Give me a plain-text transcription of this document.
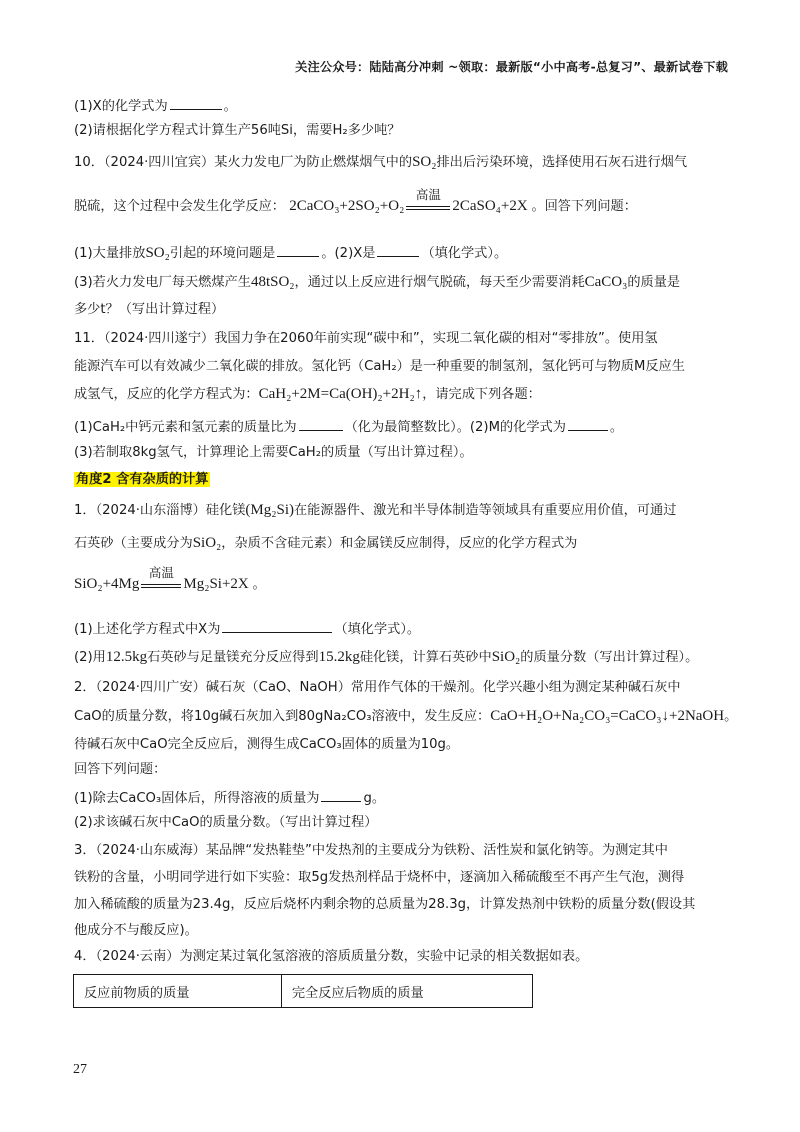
关注公众号：陆陆高分冲刺 ~领取：最新版“小中高考-总复习”、最新试卷下载
(1)X的化学式为	。
(2)请根据化学方程式计算生产56吨Si，需要H₂多少吨？
10．（2024·四川宜宾）某火力发电厂为防止燃煤烟气中的SO₂排出后污染环境，选择使用石灰石进行烟气
脱硫，这个过程中会发生化学反应： 2CaCO₃+2SO₂+O₂
高温
2CaSO₄+2X 。回答下列问题：
(1)大量排放SO₂引起的环境问题是	。(2)X是	（填化学式）。
(3)若火力发电厂每天燃煤产生48tSO₂，通过以上反应进行烟气脱硫，每天至少需要消耗CaCO₃的质量是
多少t？（写出计算过程）
11．（2024·四川遂宁）我国力争在2060年前实现“碳中和”，实现二氧化碳的相对“零排放”。使用氢
能源汽车可以有效减少二氧化碳的排放。氢化钙（CaH₂）是一种重要的制氢剂，氢化钙可与物质M反应生
成氢气，反应的化学方程式为：CaH₂+2M=Ca(OH)₂+2H₂↑，请完成下列各题：
(1)CaH₂中钙元素和氢元素的质量比为	（化为最简整数比）。(2)M的化学式为	。
(3)若制取8kg氢气，计算理论上需要CaH₂的质量（写出计算过程）。
角度2 含有杂质的计算
1．（2024·山东淄博）硅化镁(Mg₂Si)在能源器件、激光和半导体制造等领域具有重要应用价值，可通过
石英砂（主要成分为SiO₂，杂质不含硅元素）和金属镁反应制得，反应的化学方程式为
SiO₂+4Mg
高温
Mg₂Si+2X 。
(1)上述化学方程式中X为	（填化学式）。
(2)用12.5kg石英砂与足量镁充分反应得到15.2kg硅化镁，计算石英砂中SiO₂的质量分数（写出计算过程）。
2．（2024·四川广安）碱石灰（CaO、NaOH）常用作气体的干燥剂。化学兴趣小组为测定某种碱石灰中
CaO的质量分数，将10g碱石灰加入到80gNa₂CO₃溶液中，发生反应：CaO+H₂O+Na₂CO₃=CaCO₃↓+2NaOH。
待碱石灰中CaO完全反应后，测得生成CaCO₃固体的质量为10g。
回答下列问题：
(1)除去CaCO₃固体后，所得溶液的质量为	g。
(2)求该碱石灰中CaO的质量分数。（写出计算过程）
3．（2024·山东威海）某品牌“发热鞋垫”中发热剂的主要成分为铁粉、活性炭和氯化钠等。为测定其中
铁粉的含量，小明同学进行如下实验：取5g发热剂样品于烧杯中，逐滴加入稀硫酸至不再产生气泡，测得
加入稀硫酸的质量为23.4g，反应后烧杯内剩余物的总质量为28.3g，计算发热剂中铁粉的质量分数(假设其
他成分不与酸反应)。
4．（2024·云南）为测定某过氧化氢溶液的溶质质量分数，实验中记录的相关数据如表。
反应前物质的质量	完全反应后物质的质量
27
